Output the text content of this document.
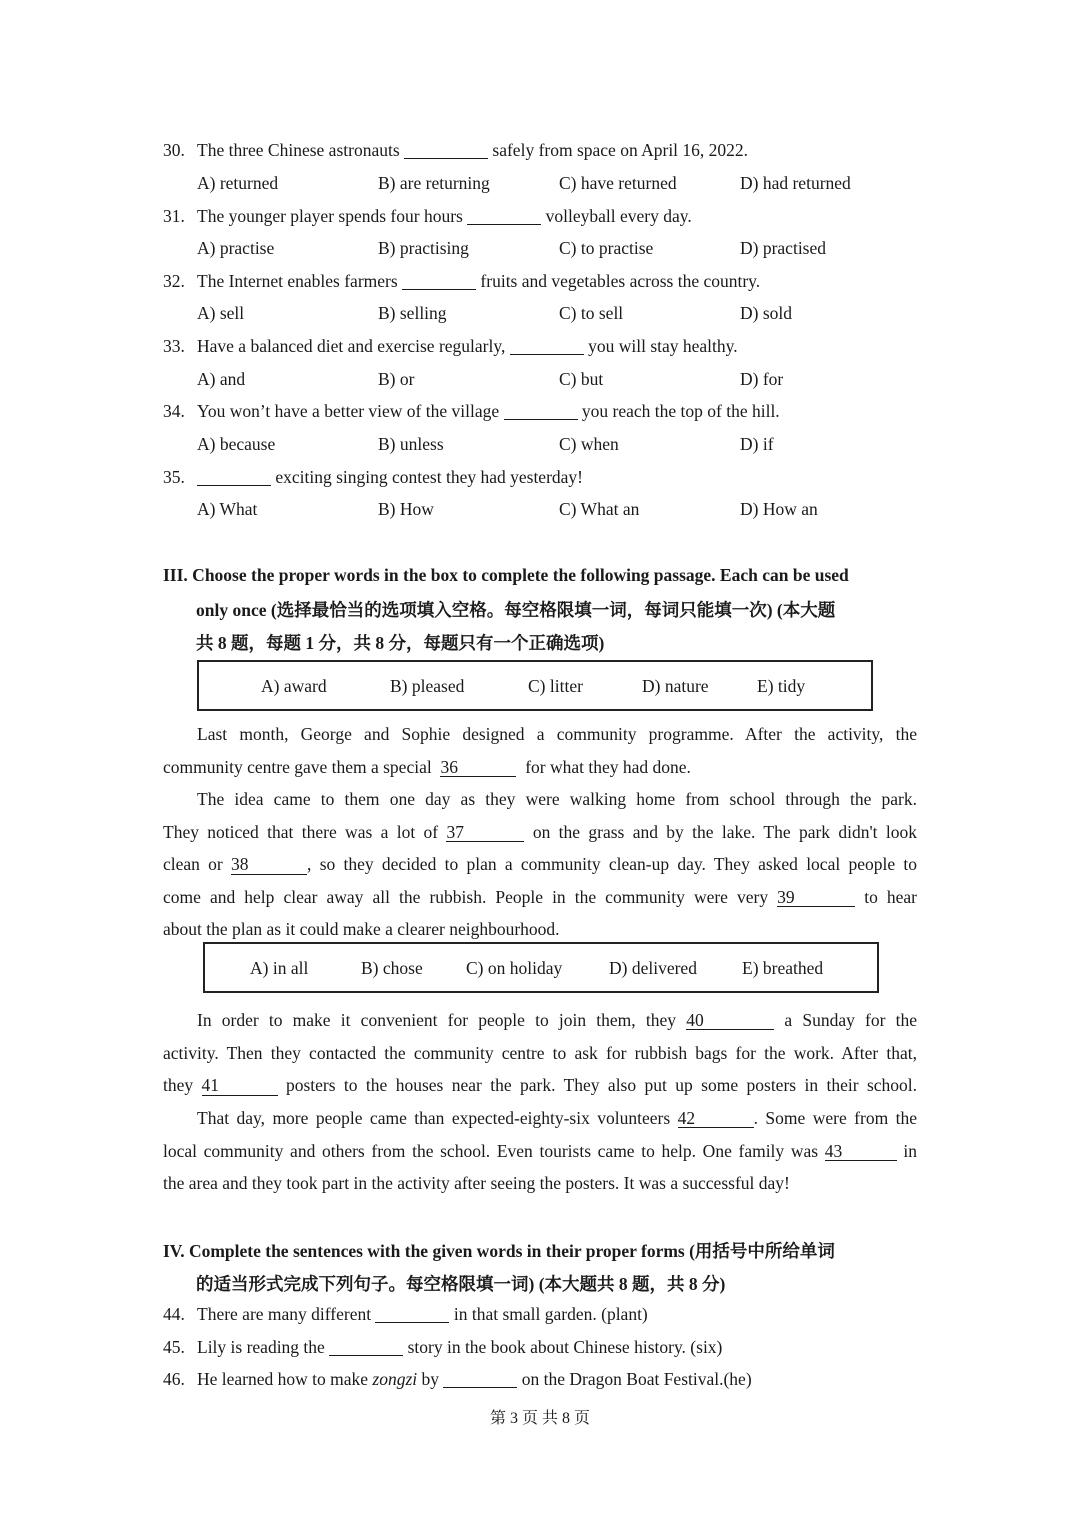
30. The three Chinese astronauts	safely from space on April 16, 2022.
A) returned	B) are returning	C) have returned	D) had returned
31. The younger player spends four hours	volleyball every day.
A) practise	B) practising	C) to practise	D) practised
32. The Internet enables farmers	fruits and vegetables across the country.
A) sell	B) selling	C) to sell	D) sold
33. Have a balanced diet and exercise regularly,	you will stay healthy.
A) and	B) or	C) but	D) for
34. You won’t have a better view of the village	you reach the top of the hill.
A) because	B) unless	C) when	D) if
35.	exciting singing contest they had yesterday!
A) What	B) How	C) What an	D) How an
III. Choose the proper words in the box to complete the following passage. Each can be used
only once (选择最恰当的选项填入空格。每空格限填一词，每词只能填一次) (本大题
共 8 题，每题 1 分，共 8 分，每题只有一个正确选项)
A) award	B) pleased	C) litter	D) nature	E) tidy
Last month, George and Sophie designed a community programme. After the activity, the
community centre gave them a special 36	for what they had done.
The idea came to them one day as they were walking home from school through the park.
They noticed that there was a lot of 37	on the grass and by the lake. The park didn't look
clean or 38	, so they decided to plan a community clean-up day. They asked local people to
come and help clear away all the rubbish. People in the community were very 39	to hear
about the plan as it could make a clearer neighbourhood.
A) in all	B) chose C) on holiday	D) delivered	E) breathed
In order to make it convenient for people to join them, they 40	a Sunday for the
activity. Then they contacted the community centre to ask for rubbish bags for the work. After that,
they 41	posters to the houses near the park. They also put up some posters in their school.
That day, more people came than expected-eighty-six volunteers 42	. Some were from the
local community and others from the school. Even tourists came to help. One family was 43	in
the area and they took part in the activity after seeing the posters. It was a successful day!
IV. Complete the sentences with the given words in their proper forms (用括号中所给单词
的适当形式完成下列句子。每空格限填一词) (本大题共 8 题，共 8 分)
44. There are many different	in that small garden. (plant)
45. Lily is reading the	story in the book about Chinese history. (six)
46. He learned how to make zongzi by	on the Dragon Boat Festival.(he)
第 3 页 共 8 页
